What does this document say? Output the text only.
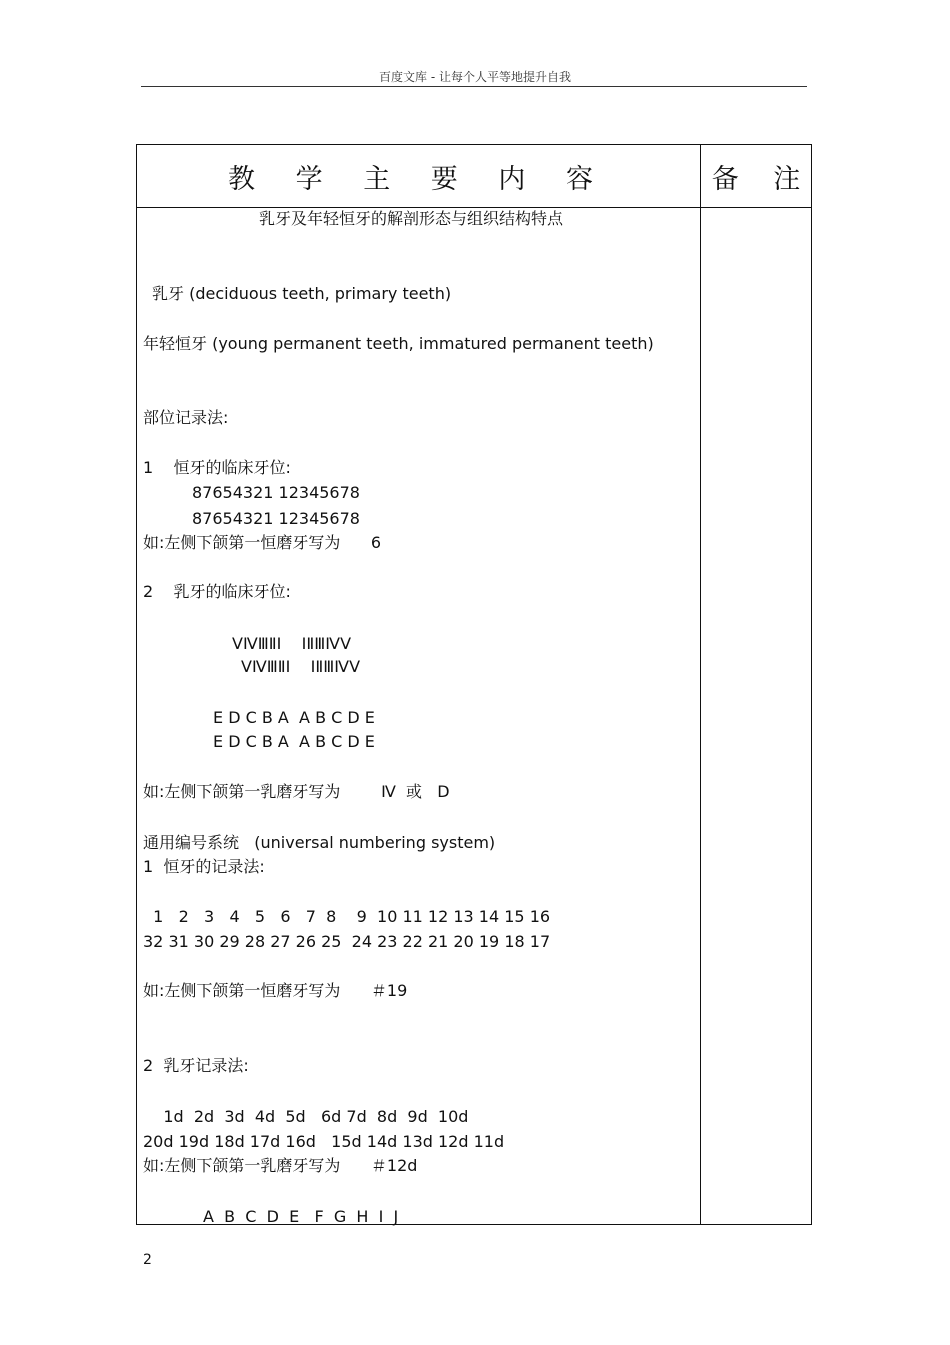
百度文库 - 让每个人平等地提升自我
教 学 主 要 内 容	备 注
乳牙及年轻恒牙的解剖形态与组织结构特点
乳牙 (deciduous teeth, primary teeth)
年轻恒牙 (young permanent teeth, immatured permanent teeth)
部位记录法:
1    恒牙的临床牙位:
87654321 12345678
87654321 12345678
如:左侧下颌第一恒磨牙写为      6
2    乳牙的临床牙位:
ⅤⅣⅢⅡⅠ    ⅠⅡⅢⅣⅤ
ⅤⅣⅢⅡⅠ    ⅠⅡⅢⅣⅤ
E D C B A  A B C D E
E D C B A  A B C D E
如:左侧下颌第一乳磨牙写为        Ⅳ  或   D
通用编号系统   (universal numbering system)
1  恒牙的记录法:
1   2   3   4   5   6   7  8    9  10 11 12 13 14 15 16
32 31 30 29 28 27 26 25  24 23 22 21 20 19 18 17
如:左侧下颌第一恒磨牙写为      ＃19
2  乳牙记录法:
1d  2d  3d  4d  5d   6d 7d  8d  9d  10d
20d 19d 18d 17d 16d   15d 14d 13d 12d 11d
如:左侧下颌第一乳磨牙写为      ＃12d
A  B  C  D  E   F  G  H  I  J
2
